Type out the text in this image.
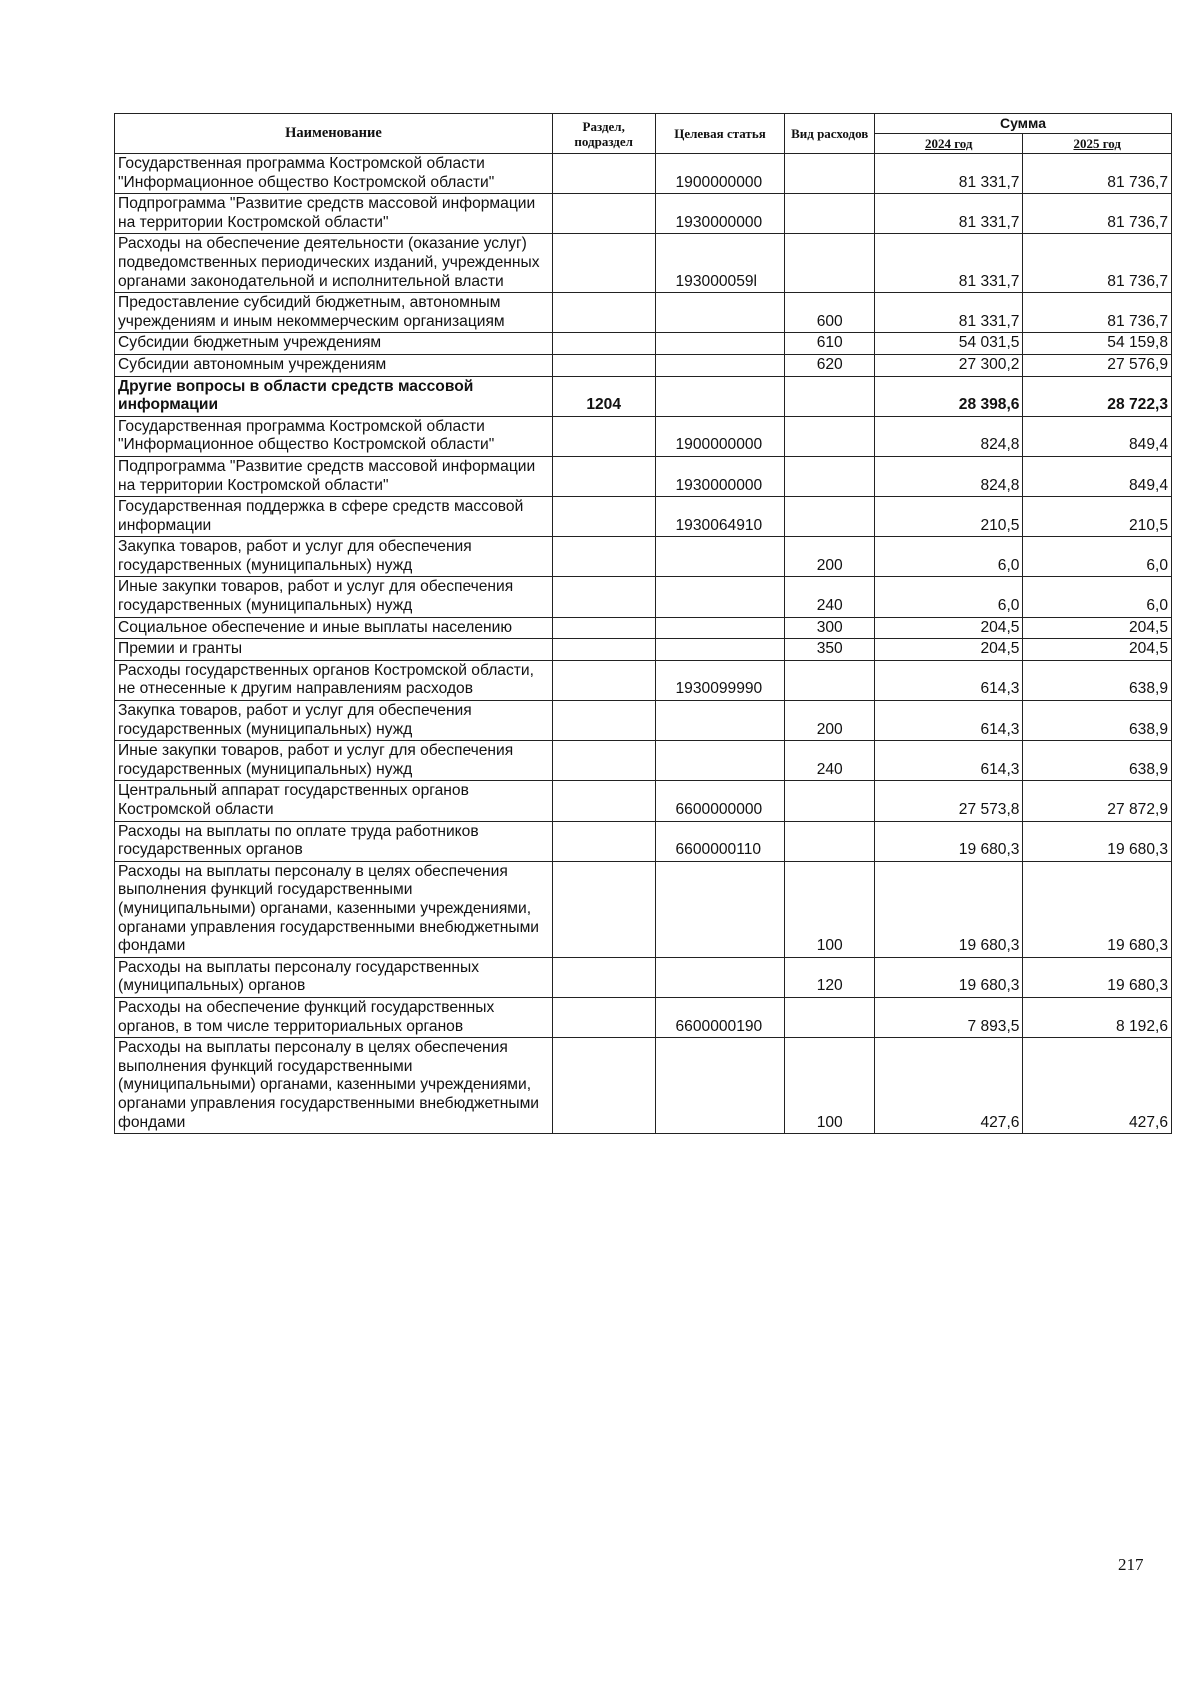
Наименование	Раздел, подраздел	Целевая статья	Вид расходов	Сумма	
				2024 год	2025 год
Государственная программа Костромской области "Информационное общество Костромской области"		1900000000		81 331,7	81 736,7
Подпрограмма "Развитие средств массовой информации на территории Костромской области"		1930000000		81 331,7	81 736,7
Расходы на обеспечение деятельности (оказание услуг) подведомственных периодических изданий, учрежденных органами законодательной и исполнительной власти		193000059l		81 331,7	81 736,7
Предоставление субсидий бюджетным, автономным учреждениям и иным некоммерческим организациям			600	81 331,7	81 736,7
Субсидии бюджетным учреждениям			610	54 031,5	54 159,8
Субсидии автономным учреждениям			620	27 300,2	27 576,9
Другие вопросы в области средств массовой информации	1204			28 398,6	28 722,3
Государственная программа Костромской области "Информационное общество Костромской области"		1900000000		824,8	849,4
Подпрограмма "Развитие средств массовой информации на территории Костромской области"		1930000000		824,8	849,4
Государственная поддержка в сфере средств массовой информации		1930064910		210,5	210,5
Закупка товаров, работ и услуг для обеспечения государственных (муниципальных) нужд			200	6,0	6,0
Иные закупки товаров, работ и услуг для обеспечения государственных (муниципальных) нужд			240	6,0	6,0
Социальное обеспечение и иные выплаты населению			300	204,5	204,5
Премии и гранты			350	204,5	204,5
Расходы государственных органов Костромской области, не отнесенные к другим направлениям расходов		1930099990		614,3	638,9
Закупка товаров, работ и услуг для обеспечения государственных (муниципальных) нужд			200	614,3	638,9
Иные закупки товаров, работ и услуг для обеспечения государственных (муниципальных) нужд			240	614,3	638,9
Центральный аппарат государственных органов Костромской области		6600000000		27 573,8	27 872,9
Расходы на выплаты по оплате труда работников государственных органов		6600000110		19 680,3	19 680,3
Расходы на выплаты персоналу в целях обеспечения выполнения функций государственными (муниципальными) органами, казенными учреждениями, органами управления государственными внебюджетными фондами			100	19 680,3	19 680,3
Расходы на выплаты персоналу государственных (муниципальных) органов			120	19 680,3	19 680,3
Расходы на обеспечение функций государственных органов, в том числе территориальных органов		6600000190		7 893,5	8 192,6
Расходы на выплаты персоналу в целях обеспечения выполнения функций государственными (муниципальными) органами, казенными учреждениями, органами управления государственными внебюджетными фондами			100	427,6	427,6
217
